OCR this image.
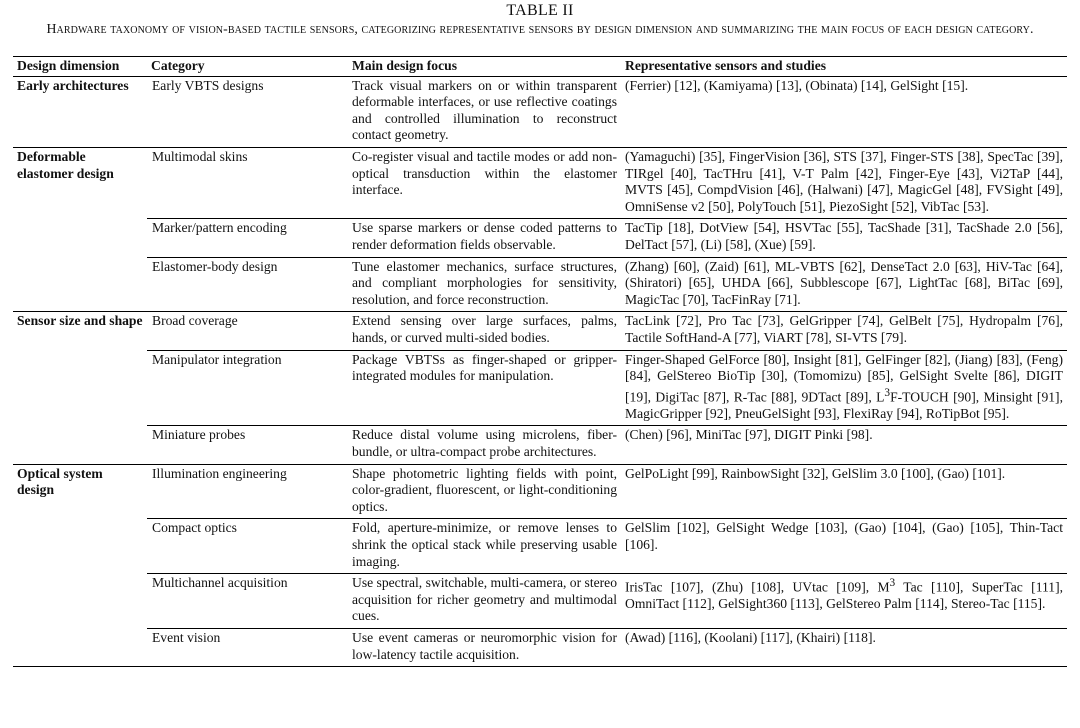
TABLE II
Hardware taxonomy of vision-based tactile sensors, categorizing representative sensors by design dimension and summarizing the main focus of each design category.
Design dimension	Category	Main design focus	Representative sensors and studies
Early architectures	Early VBTS designs	Track visual markers on or within transparent deformable interfaces, or use reflective coatings and controlled illumination to reconstruct contact geometry.	(Ferrier) [12], (Kamiyama) [13], (Obinata) [14], GelSight [15].
Deformable elastomer design	Multimodal skins	Co-register visual and tactile modes or add non-optical transduction within the elastomer interface.	(Yamaguchi) [35], FingerVision [36], STS [37], Finger-STS [38], SpecTac [39], TIRgel [40], TacTHru [41], V-T Palm [42], Finger-Eye [43], Vi2TaP [44], MVTS [45], CompdVision [46], (Halwani) [47], MagicGel [48], FVSight [49], OmniSense v2 [50], PolyTouch [51], PiezoSight [52], VibTac [53].
	Marker/pattern encoding	Use sparse markers or dense coded patterns to render deformation fields observable.	TacTip [18], DotView [54], HSVTac [55], TacShade [31], TacShade 2.0 [56], DelTact [57], (Li) [58], (Xue) [59].
	Elastomer-body design	Tune elastomer mechanics, surface structures, and compliant morphologies for sensitivity, resolution, and force reconstruction.	(Zhang) [60], (Zaid) [61], ML-VBTS [62], DenseTact 2.0 [63], HiV-Tac [64], (Shiratori) [65], UHDA [66], Subblescope [67], LightTac [68], BiTac [69], MagicTac [70], TacFinRay [71].
Sensor size and shape	Broad coverage	Extend sensing over large surfaces, palms, hands, or curved multi-sided bodies.	TacLink [72], Pro Tac [73], GelGripper [74], GelBelt [75], Hydropalm [76], Tactile SoftHand-A [77], ViART [78], SI-VTS [79].
	Manipulator integration	Package VBTSs as finger-shaped or gripper-integrated modules for manipulation.	Finger-Shaped GelForce [80], Insight [81], GelFinger [82], (Jiang) [83], (Feng) [84], GelStereo BioTip [30], (Tomomizu) [85], GelSight Svelte [86], DIGIT [19], DigiTac [87], R-Tac [88], 9DTact [89], $L^3F$-TOUCH [90], Minsight [91], MagicGripper [92], PneuGelSight [93], FlexiRay [94], RoTipBot [95].
	Miniature probes	Reduce distal volume using microlens, fiber-bundle, or ultra-compact probe architectures.	(Chen) [96], MiniTac [97], DIGIT Pinki [98].
Optical system design	Illumination engineering	Shape photometric lighting fields with point, color-gradient, fluorescent, or light-conditioning optics.	GelPoLight [99], RainbowSight [32], GelSlim 3.0 [100], (Gao) [101].
	Compact optics	Fold, aperture-minimize, or remove lenses to shrink the optical stack while preserving usable imaging.	GelSlim [102], GelSight Wedge [103], (Gao) [104], (Gao) [105], Thin-Tact [106].
	Multichannel acquisition	Use spectral, switchable, multi-camera, or stereo acquisition for richer geometry and multimodal cues.	IrisTac [107], (Zhu) [108], UVtac [109], $M^3$ Tac [110], SuperTac [111], OmniTact [112], GelSight360 [113], GelStereo Palm [114], Stereo-Tac [115].
	Event vision	Use event cameras or neuromorphic vision for low-latency tactile acquisition.	(Awad) [116], (Koolani) [117], (Khairi) [118].
